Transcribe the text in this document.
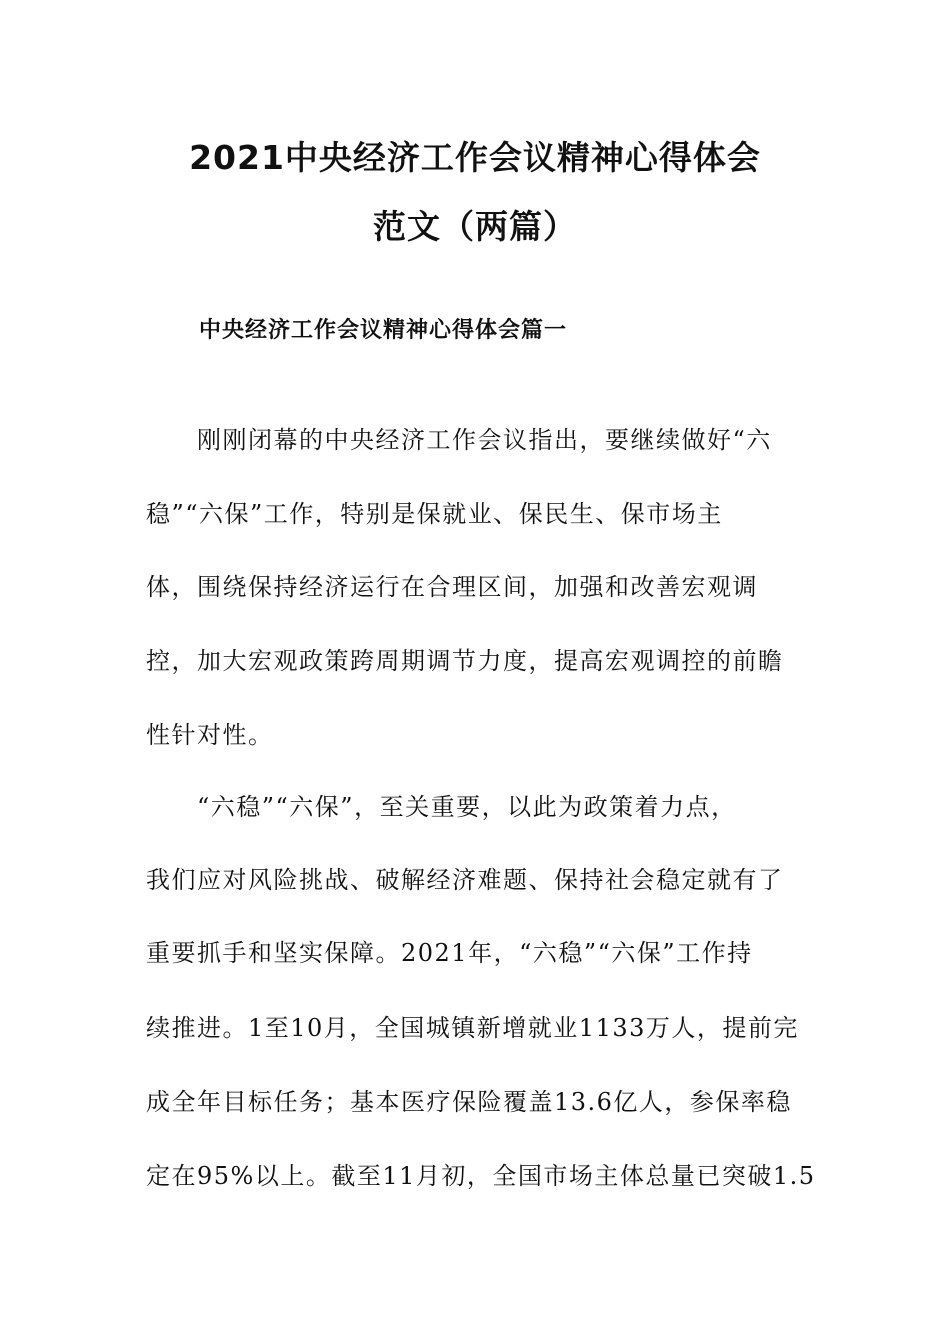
2021中央经济工作会议精神心得体会
范文（两篇）
中央经济工作会议精神心得体会篇一
　　刚刚闭幕的中央经济工作会议指出，要继续做好“六
稳”“六保”工作，特别是保就业、保民生、保市场主
体，围绕保持经济运行在合理区间，加强和改善宏观调
控，加大宏观政策跨周期调节力度，提高宏观调控的前瞻
性针对性。
　　“六稳”“六保”，至关重要，以此为政策着力点，
我们应对风险挑战、破解经济难题、保持社会稳定就有了
重要抓手和坚实保障。2021年，“六稳”“六保”工作持
续推进。1至10月，全国城镇新增就业1133万人，提前完
成全年目标任务；基本医疗保险覆盖13.6亿人，参保率稳
定在95%以上。截至11月初，全国市场主体总量已突破1.5
